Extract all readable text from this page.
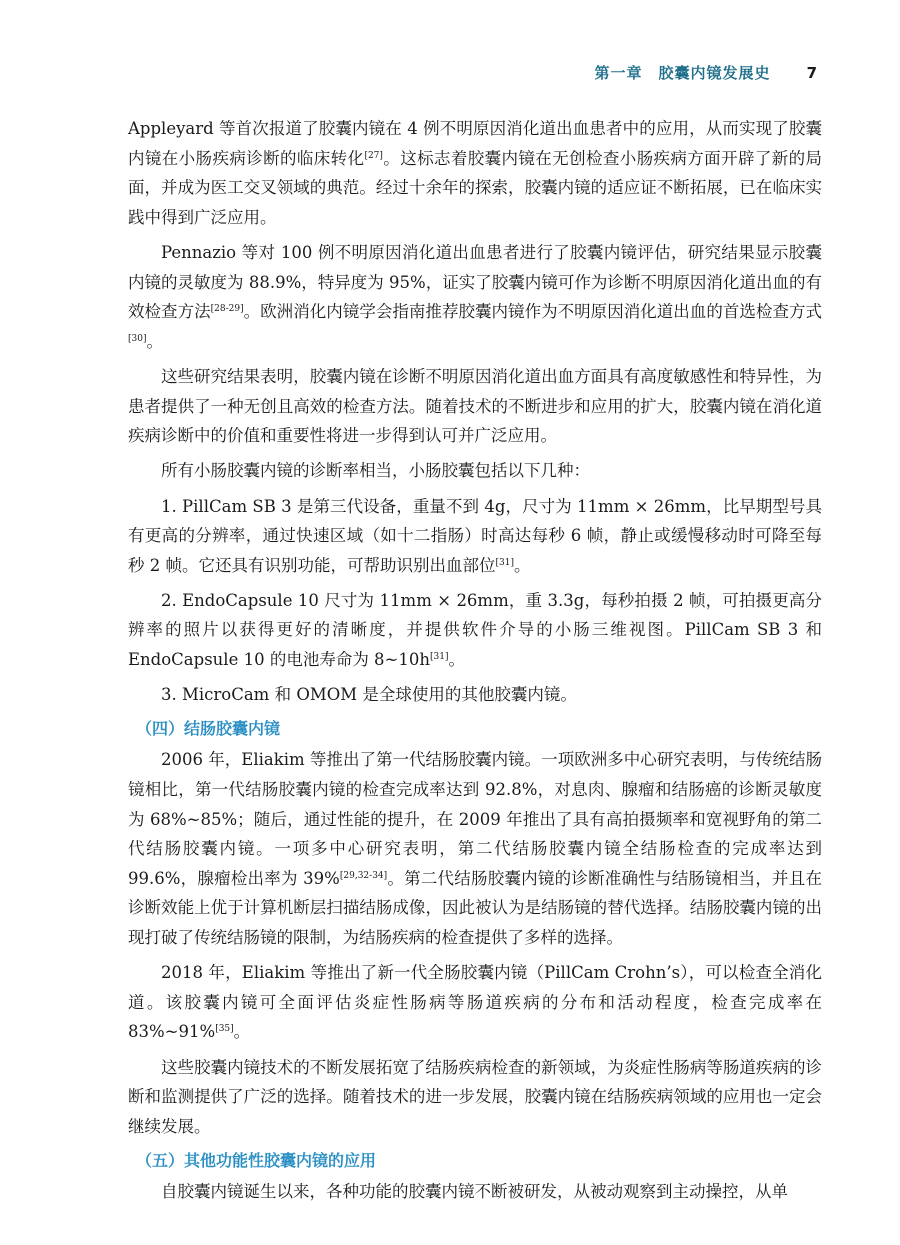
第一章　胶囊内镜发展史 7

Appleyard 等首次报道了胶囊内镜在 4 例不明原因消化道出血患者中的应用，从而实现了胶囊内镜在小肠疾病诊断的临床转化[27]。这标志着胶囊内镜在无创检查小肠疾病方面开辟了新的局面，并成为医工交叉领域的典范。经过十余年的探索，胶囊内镜的适应证不断拓展，已在临床实践中得到广泛应用。

Pennazio 等对 100 例不明原因消化道出血患者进行了胶囊内镜评估，研究结果显示胶囊内镜的灵敏度为 88.9%，特异度为 95%，证实了胶囊内镜可作为诊断不明原因消化道出血的有效检查方法[28-29]。欧洲消化内镜学会指南推荐胶囊内镜作为不明原因消化道出血的首选检查方式[30]。

这些研究结果表明，胶囊内镜在诊断不明原因消化道出血方面具有高度敏感性和特异性，为患者提供了一种无创且高效的检查方法。随着技术的不断进步和应用的扩大，胶囊内镜在消化道疾病诊断中的价值和重要性将进一步得到认可并广泛应用。

所有小肠胶囊内镜的诊断率相当，小肠胶囊包括以下几种：

1. PillCam SB 3 是第三代设备，重量不到 4g，尺寸为 11mm × 26mm，比早期型号具有更高的分辨率，通过快速区域（如十二指肠）时高达每秒 6 帧，静止或缓慢移动时可降至每秒 2 帧。它还具有识别功能，可帮助识别出血部位[31]。

2. EndoCapsule 10 尺寸为 11mm × 26mm，重 3.3g，每秒拍摄 2 帧，可拍摄更高分辨率的照片以获得更好的清晰度，并提供软件介导的小肠三维视图。PillCam SB 3 和 EndoCapsule 10 的电池寿命为 8~10h[31]。

3. MicroCam 和 OMOM 是全球使用的其他胶囊内镜。

（四）结肠胶囊内镜

2006 年，Eliakim 等推出了第一代结肠胶囊内镜。一项欧洲多中心研究表明，与传统结肠镜相比，第一代结肠胶囊内镜的检查完成率达到 92.8%，对息肉、腺瘤和结肠癌的诊断灵敏度为 68%~85%；随后，通过性能的提升，在 2009 年推出了具有高拍摄频率和宽视野角的第二代结肠胶囊内镜。一项多中心研究表明，第二代结肠胶囊内镜全结肠检查的完成率达到 99.6%，腺瘤检出率为 39%[29,32-34]。第二代结肠胶囊内镜的诊断准确性与结肠镜相当，并且在诊断效能上优于计算机断层扫描结肠成像，因此被认为是结肠镜的替代选择。结肠胶囊内镜的出现打破了传统结肠镜的限制，为结肠疾病的检查提供了多样的选择。

2018 年，Eliakim 等推出了新一代全肠胶囊内镜（PillCam Crohn’s），可以检查全消化道。该胶囊内镜可全面评估炎症性肠病等肠道疾病的分布和活动程度，检查完成率在 83%~91%[35]。

这些胶囊内镜技术的不断发展拓宽了结肠疾病检查的新领域，为炎症性肠病等肠道疾病的诊断和监测提供了广泛的选择。随着技术的进一步发展，胶囊内镜在结肠疾病领域的应用也一定会继续发展。

（五）其他功能性胶囊内镜的应用

自胶囊内镜诞生以来，各种功能的胶囊内镜不断被研发，从被动观察到主动操控，从单
